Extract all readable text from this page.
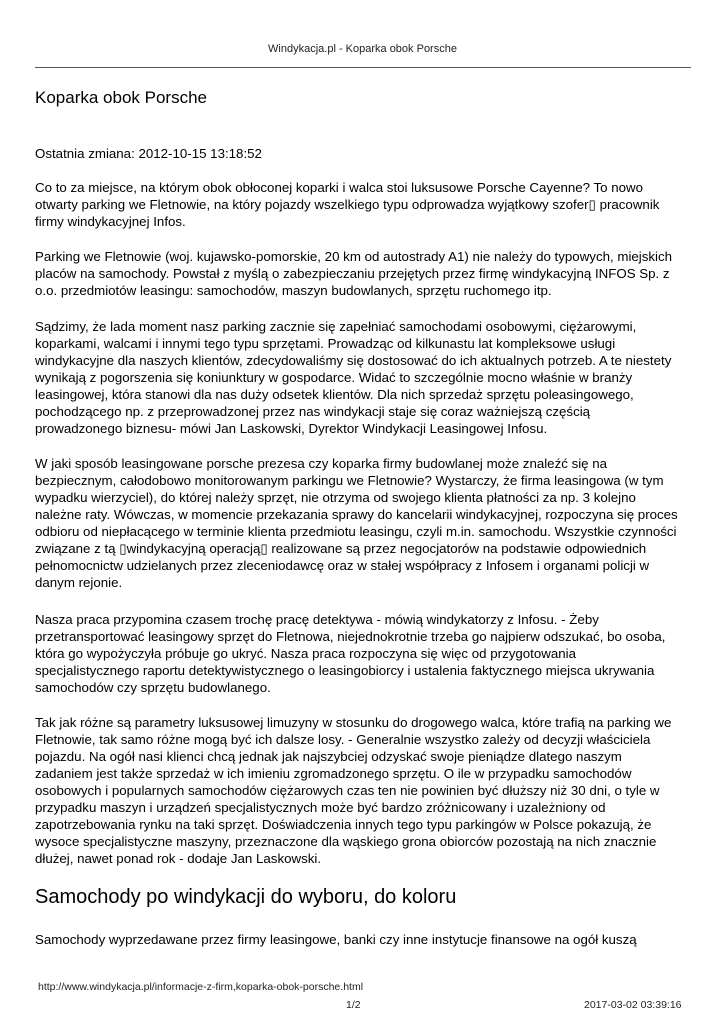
Windykacja.pl - Koparka obok Porsche
Koparka obok Porsche
Ostatnia zmiana: 2012-10-15 13:18:52
Co to za miejsce, na którym obok obłoconej koparki i walca stoi luksusowe Porsche Cayenne? To nowo
otwarty parking we Fletnowie, na który pojazdy wszelkiego typu odprowadza wyjątkowy szofer▯ pracownik
firmy windykacyjnej Infos.
Parking we Fletnowie (woj. kujawsko-pomorskie, 20 km od autostrady A1) nie należy do typowych, miejskich
placów na samochody. Powstał z myślą o zabezpieczaniu przejętych przez firmę windykacyjną INFOS Sp. z
o.o. przedmiotów leasingu: samochodów, maszyn budowlanych, sprzętu ruchomego itp.
Sądzimy, że lada moment nasz parking zacznie się zapełniać samochodami osobowymi, ciężarowymi,
koparkami, walcami i innymi tego typu sprzętami. Prowadząc od kilkunastu lat kompleksowe usługi
windykacyjne dla naszych klientów, zdecydowaliśmy się dostosować do ich aktualnych potrzeb. A te niestety
wynikają z pogorszenia się koniunktury w gospodarce. Widać to szczególnie mocno właśnie w branży
leasingowej, która stanowi dla nas duży odsetek klientów. Dla nich sprzedaż sprzętu poleasingowego,
pochodzącego np. z przeprowadzonej przez nas windykacji staje się coraz ważniejszą częścią
prowadzonego biznesu- mówi Jan Laskowski, Dyrektor Windykacji Leasingowej Infosu.
W jaki sposób leasingowane porsche prezesa czy koparka firmy budowlanej może znaleźć się na
bezpiecznym, całodobowo monitorowanym parkingu we Fletnowie? Wystarczy, że firma leasingowa (w tym
wypadku wierzyciel), do której należy sprzęt, nie otrzyma od swojego klienta płatności za np. 3 kolejno
należne raty. Wówczas, w momencie przekazania sprawy do kancelarii windykacyjnej, rozpoczyna się proces
odbioru od niepłacącego w terminie klienta przedmiotu leasingu, czyli m.in. samochodu. Wszystkie czynności
związane z tą ▯windykacyjną operacją▯ realizowane są przez negocjatorów na podstawie odpowiednich
pełnomocnictw udzielanych przez zleceniodawcę oraz w stałej współpracy z Infosem i organami policji w
danym rejonie.
Nasza praca przypomina czasem trochę pracę detektywa - mówią windykatorzy z Infosu. - Żeby
przetransportować leasingowy sprzęt do Fletnowa, niejednokrotnie trzeba go najpierw odszukać, bo osoba,
która go wypożyczyła próbuje go ukryć. Nasza praca rozpoczyna się więc od przygotowania
specjalistycznego raportu detektywistycznego o leasingobiorcy i ustalenia faktycznego miejsca ukrywania
samochodów czy sprzętu budowlanego.
Tak jak różne są parametry luksusowej limuzyny w stosunku do drogowego walca, które trafią na parking we
Fletnowie, tak samo różne mogą być ich dalsze losy. - Generalnie wszystko zależy od decyzji właściciela
pojazdu. Na ogół nasi klienci chcą jednak jak najszybciej odzyskać swoje pieniądze dlatego naszym
zadaniem jest także sprzedaż w ich imieniu zgromadzonego sprzętu. O ile w przypadku samochodów
osobowych i popularnych samochodów ciężarowych czas ten nie powinien być dłuższy niż 30 dni, o tyle w
przypadku maszyn i urządzeń specjalistycznych może być bardzo zróżnicowany i uzależniony od
zapotrzebowania rynku na taki sprzęt. Doświadczenia innych tego typu parkingów w Polsce pokazują, że
wysoce specjalistyczne maszyny, przeznaczone dla wąskiego grona obiorców pozostają na nich znacznie
dłużej, nawet ponad rok - dodaje Jan Laskowski.
Samochody po windykacji do wyboru, do koloru
Samochody wyprzedawane przez firmy leasingowe, banki czy inne instytucje finansowe na ogół kuszą
http://www.windykacja.pl/informacje-z-firm,koparka-obok-porsche.html
1/2	2017-03-02 03:39:16
